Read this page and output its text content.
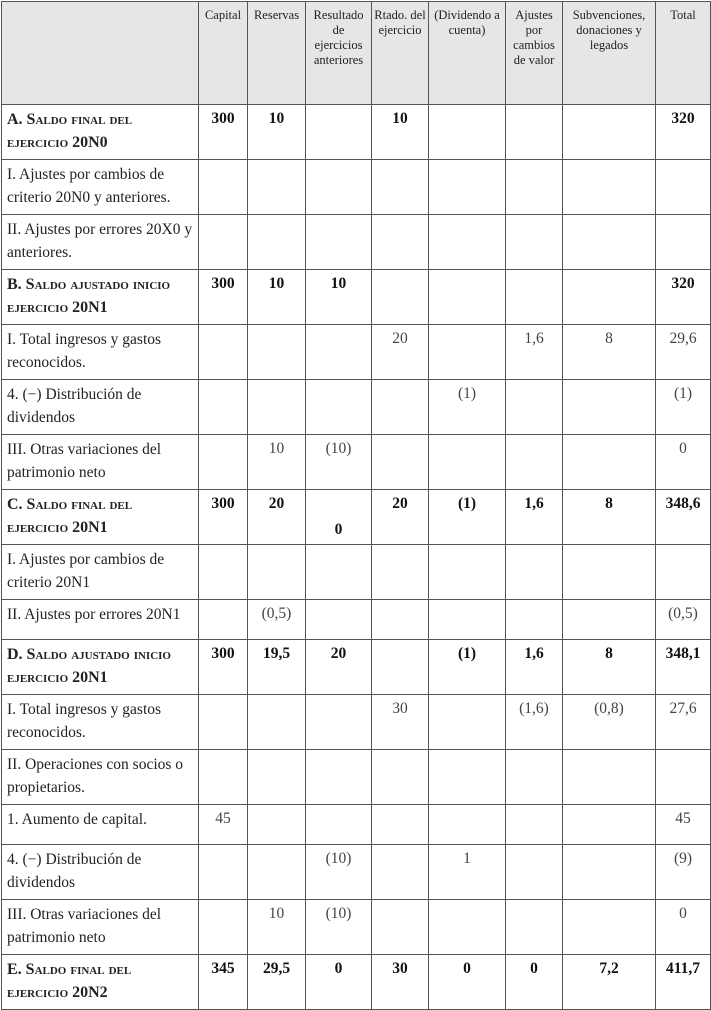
	Capital	Reservas	Resultado de ejercicios anteriores	Rtado. del ejercicio	(Dividendo a cuenta)	Ajustes por cambios de valor	Subvenciones, donaciones y legados	Total
A. Saldo final del ejercicio 20N0	300	10		10				320
I. Ajustes por cambios de criterio 20N0 y anteriores.								
II. Ajustes por errores 20X0 y anteriores.								
B. Saldo ajustado inicio ejercicio 20N1	300	10	10					320
I. Total ingresos y gastos reconocidos.				20		1,6	8	29,6
4. (−) Distribución de dividendos					(1)			(1)
III. Otras variaciones del patrimonio neto		10	(10)					0
C. Saldo final del ejercicio 20N1	300	20	0	20	(1)	1,6	8	348,6
I. Ajustes por cambios de criterio 20N1								
II. Ajustes por errores 20N1		(0,5)						(0,5)
D. Saldo ajustado inicio ejercicio 20N1	300	19,5	20		(1)	1,6	8	348,1
I. Total ingresos y gastos reconocidos.				30		(1,6)	(0,8)	27,6
II. Operaciones con socios o propietarios.								
1. Aumento de capital.	45							45
4. (−) Distribución de dividendos			(10)		1			(9)
III. Otras variaciones del patrimonio neto		10	(10)					0
E. Saldo final del ejercicio 20N2	345	29,5	0	30	0	0	7,2	411,7
